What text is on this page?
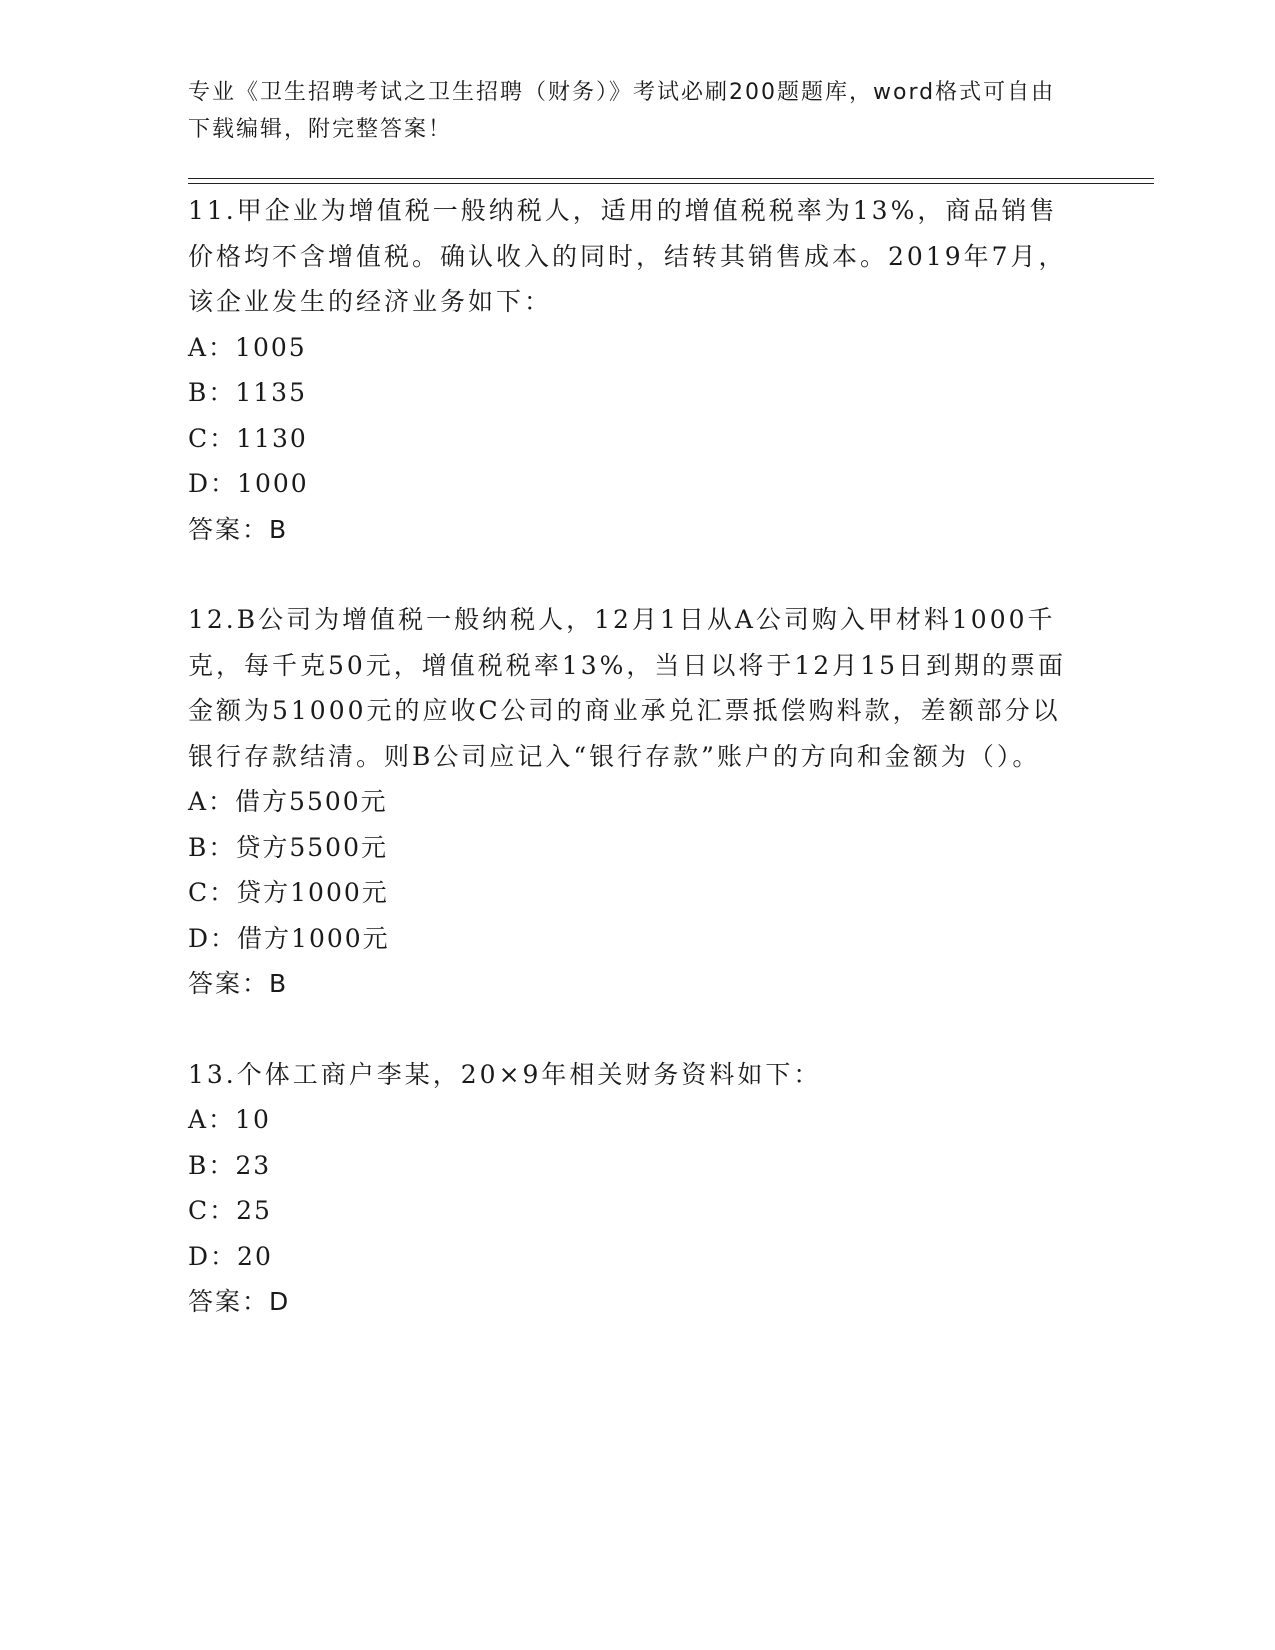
专业《卫生招聘考试之卫生招聘（财务）》考试必刷200题题库，word格式可自由下载编辑，附完整答案！

11.甲企业为增值税一般纳税人，适用的增值税税率为13%，商品销售价格均不含增值税。确认收入的同时，结转其销售成本。2019年7月，该企业发生的经济业务如下：

A：1005

B：1135

C：1130

D：1000

答案：B

12.B公司为增值税一般纳税人，12月1日从A公司购入甲材料1000千克，每千克50元，增值税税率13%，当日以将于12月15日到期的票面金额为51000元的应收C公司的商业承兑汇票抵偿购料款，差额部分以银行存款结清。则B公司应记入“银行存款”账户的方向和金额为（）。

A：借方5500元

B：贷方5500元

C：贷方1000元

D：借方1000元

答案：B

13.个体工商户李某，20×9年相关财务资料如下：

A：10

B：23

C：25

D：20

答案：D
